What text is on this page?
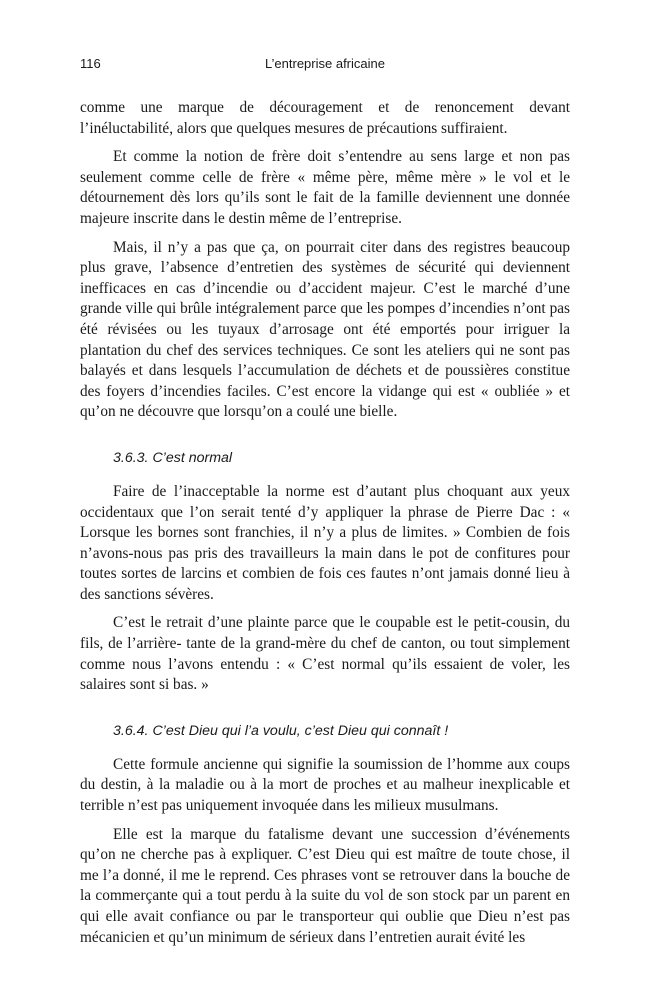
116	L’entreprise africaine

comme une marque de découragement et de renoncement devant l’inéluctabilité, alors que quelques mesures de précautions suffiraient.

Et comme la notion de frère doit s’entendre au sens large et non pas seulement comme celle de frère « même père, même mère » le vol et le détournement dès lors qu’ils sont le fait de la famille deviennent une donnée majeure inscrite dans le destin même de l’entreprise.

Mais, il n’y a pas que ça, on pourrait citer dans des registres beaucoup plus grave, l’absence d’entretien des systèmes de sécurité qui deviennent inefficaces en cas d’incendie ou d’accident majeur. C’est le marché d’une grande ville qui brûle intégralement parce que les pompes d’incendies n’ont pas été révisées ou les tuyaux d’arrosage ont été emportés pour irriguer la plantation du chef des services techniques. Ce sont les ateliers qui ne sont pas balayés et dans lesquels l’accumulation de déchets et de poussières constitue des foyers d’incendies faciles. C’est encore la vidange qui est « oubliée » et qu’on ne découvre que lorsqu’on a coulé une bielle.

3.6.3. C’est normal

Faire de l’inacceptable la norme est d’autant plus choquant aux yeux occidentaux que l’on serait tenté d’y appliquer la phrase de Pierre Dac : « Lorsque les bornes sont franchies, il n’y a plus de limites. » Combien de fois n’avons-nous pas pris des travailleurs la main dans le pot de confitures pour toutes sortes de larcins et combien de fois ces fautes n’ont jamais donné lieu à des sanctions sévères.

C’est le retrait d’une plainte parce que le coupable est le petit-cousin, du fils, de l’arrière- tante de la grand-mère du chef de canton, ou tout simplement comme nous l’avons entendu : « C’est normal qu’ils essaient de voler, les salaires sont si bas. »

3.6.4. C’est Dieu qui l’a voulu, c’est Dieu qui connaît !

Cette formule ancienne qui signifie la soumission de l’homme aux coups du destin, à la maladie ou à la mort de proches et au malheur inexplicable et terrible n’est pas uniquement invoquée dans les milieux musulmans.

Elle est la marque du fatalisme devant une succession d’événements qu’on ne cherche pas à expliquer. C’est Dieu qui est maître de toute chose, il me l’a donné, il me le reprend. Ces phrases vont se retrouver dans la bouche de la commerçante qui a tout perdu à la suite du vol de son stock par un parent en qui elle avait confiance ou par le transporteur qui oublie que Dieu n’est pas mécanicien et qu’un minimum de sérieux dans l’entretien aurait évité les
